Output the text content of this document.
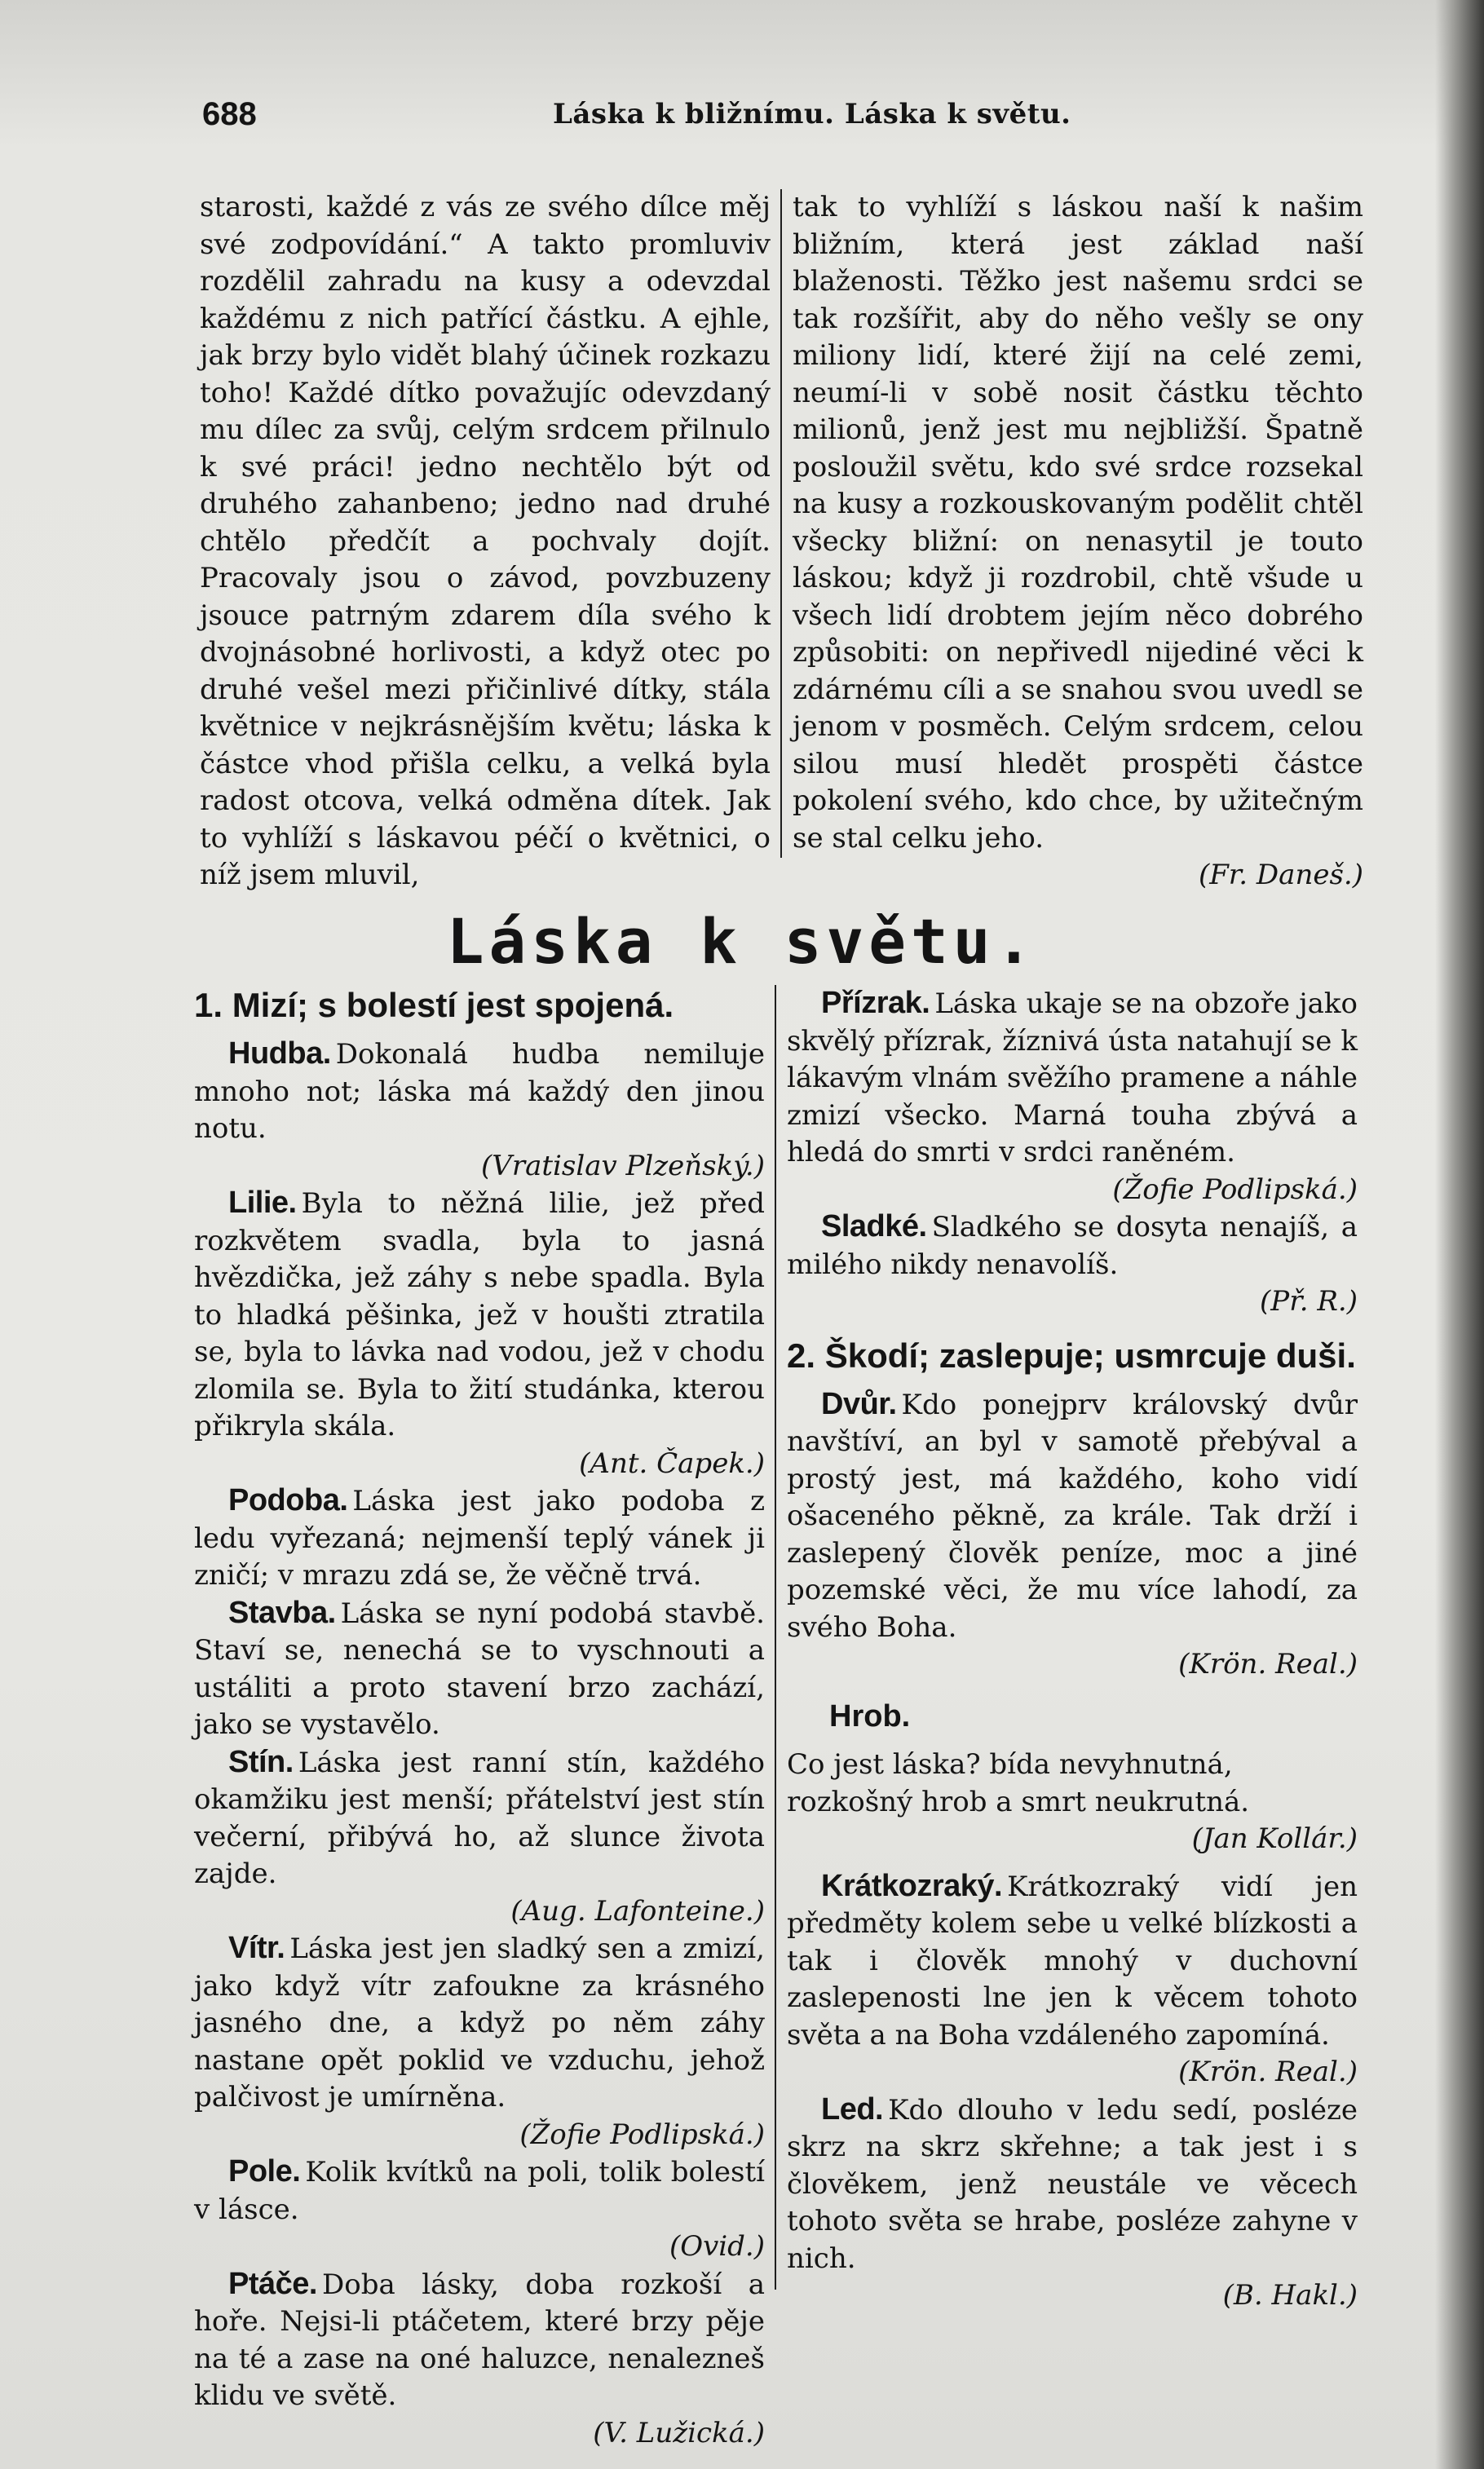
688	Láska k bližnímu. Láska k světu.

starosti, každé z vás ze svého dílce měj své zodpovídání.“ A takto promluviv rozdělil zahradu na kusy a odevzdal každému z nich patřící částku. A ejhle, jak brzy bylo vidět blahý účinek rozkazu toho! Každé dítko považujíc odevzdaný mu dílec za svůj, celým srdcem přilnulo k své práci! jedno nechtělo být od druhého zahanbeno; jedno nad druhé chtělo předčít a pochvaly dojít. Pracovaly jsou o závod, povzbuzeny jsouce patrným zdarem díla svého k dvojnásobné horlivosti, a když otec po druhé vešel mezi přičinlivé dítky, stála květnice v nejkrásnějším květu; láska k částce vhod přišla celku, a velká byla radost otcova, velká odměna dítek. Jak to vyhlíží s láskavou péčí o květnici, o níž jsem mluvil,

tak to vyhlíží s láskou naší k našim bližním, která jest základ naší blaženosti. Těžko jest našemu srdci se tak rozšířit, aby do něho vešly se ony miliony lidí, které žijí na celé zemi, neumí-li v sobě nosit částku těchto milionů, jenž jest mu nejbližší. Špatně posloužil světu, kdo své srdce rozsekal na kusy a rozkouskovaným podělit chtěl všecky bližní: on nenasytil je touto láskou; když ji rozdrobil, chtě všude u všech lidí drobtem jejím něco dobrého způsobiti: on nepřivedl nijediné věci k zdárnému cíli a se snahou svou uvedl se jenom v posměch. Celým srdcem, celou silou musí hledět prospěti částce pokolení svého, kdo chce, by užitečným se stal celku jeho.

(Fr. Daneš.)

Láska k světu.
1. Mizí; s bolestí jest spojená.

Hudba. Dokonalá hudba nemiluje mnoho not; láska má každý den jinou notu.

(Vratislav Plzeňský.)

Lilie. Byla to něžná lilie, jež před rozkvětem svadla, byla to jasná hvězdička, jež záhy s nebe spadla. Byla to hladká pěšinka, jež v houšti ztratila se, byla to lávka nad vodou, jež v chodu zlomila se. Byla to žití studánka, kterou přikryla skála.

(Ant. Čapek.)

Podoba. Láska jest jako podoba z ledu vyřezaná; nejmenší teplý vánek ji zničí; v mrazu zdá se, že věčně trvá.

Stavba. Láska se nyní podobá stavbě. Staví se, nenechá se to vyschnouti a ustáliti a proto stavení brzo zachází, jako se vystavělo.

Stín. Láska jest ranní stín, každého okamžiku jest menší; přátelství jest stín večerní, přibývá ho, až slunce života zajde.

(Aug. Lafonteine.)

Vítr. Láska jest jen sladký sen a zmizí, jako když vítr zafoukne za krásného jasného dne, a když po něm záhy nastane opět poklid ve vzduchu, jehož palčivost je umírněna.

(Žofie Podlipská.)

Pole. Kolik kvítků na poli, tolik bolestí v lásce.

(Ovid.)

Ptáče. Doba lásky, doba rozkoší a hoře. Nejsi-li ptáčetem, které brzy pěje na té a zase na oné haluzce, nenalezneš klidu ve světě.

(V. Lužická.)

Přízrak. Láska ukaje se na obzoře jako skvělý přízrak, žíznivá ústa natahují se k lákavým vlnám svěžího pramene a náhle zmizí všecko. Marná touha zbývá a hledá do smrti v srdci raněném.

(Žofie Podlipská.)

Sladké. Sladkého se dosyta nenajíš, a milého nikdy nenavolíš.

(Př. R.)

2. Škodí; zaslepuje; usmrcuje duši.

Dvůr. Kdo ponejprv královský dvůr navštíví, an byl v samotě přebýval a prostý jest, má každého, koho vidí ošaceného pěkně, za krále. Tak drží i zaslepený člověk peníze, moc a jiné pozemské věci, že mu více lahodí, za svého Boha.

(Krön. Real.)

Hrob.

Co jest láska? bída nevyhnutná,

rozkošný hrob a smrt neukrutná.

(Jan Kollár.)

Krátkozraký. Krátkozraký vidí jen předměty kolem sebe u velké blízkosti a tak i člověk mnohý v duchovní zaslepenosti lne jen k věcem tohoto světa a na Boha vzdáleného zapomíná.

(Krön. Real.)

Led. Kdo dlouho v ledu sedí, posléze skrz na skrz skřehne; a tak jest i s člověkem, jenž neustále ve věcech tohoto světa se hrabe, posléze zahyne v nich.

(B. Hakl.)
